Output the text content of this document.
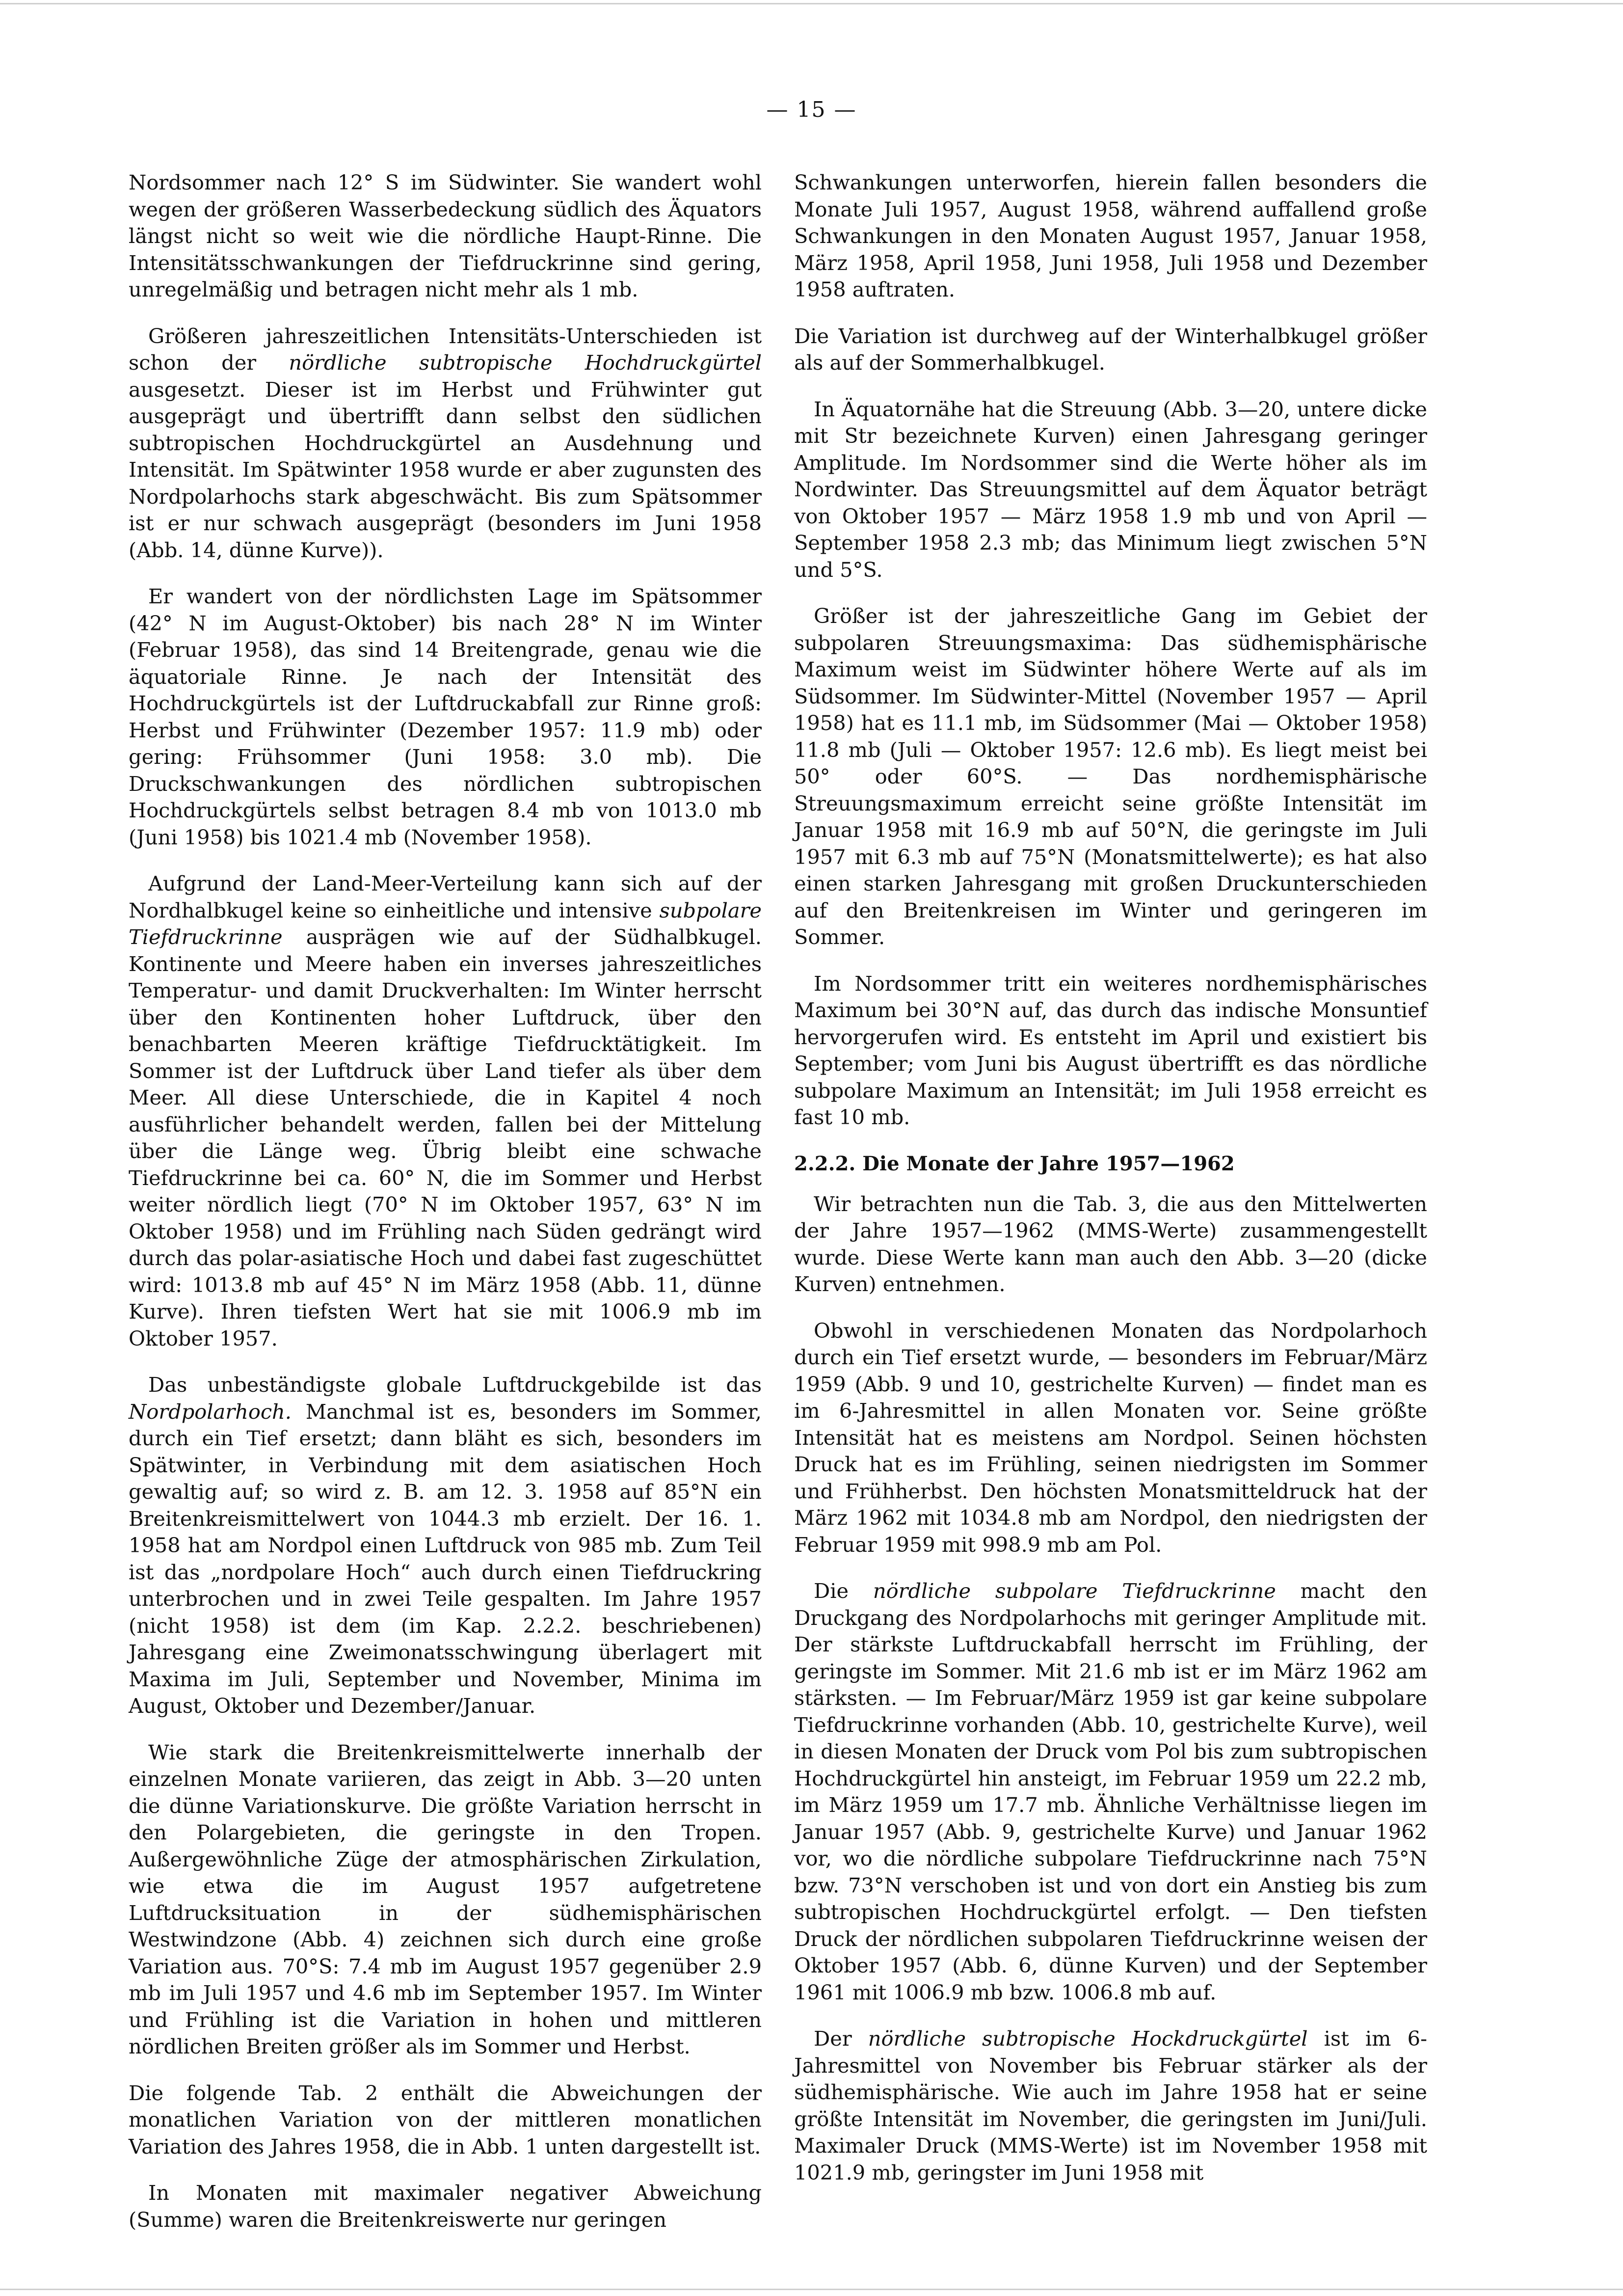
— 15 —

Nordsommer nach 12° S im Südwinter. Sie wandert wohl wegen der größeren Wasserbedeckung südlich des Äquators längst nicht so weit wie die nördliche Haupt-Rinne. Die Intensitätsschwankungen der Tiefdruckrinne sind gering, unregelmäßig und betragen nicht mehr als 1 mb.

Größeren jahreszeitlichen Intensitäts-Unterschieden ist schon der nördliche subtropische Hochdruckgürtel ausgesetzt. Dieser ist im Herbst und Frühwinter gut ausgeprägt und übertrifft dann selbst den südlichen subtropischen Hochdruckgürtel an Ausdehnung und Intensität. Im Spätwinter 1958 wurde er aber zugunsten des Nordpolarhochs stark abgeschwächt. Bis zum Spätsommer ist er nur schwach ausgeprägt (besonders im Juni 1958 (Abb. 14, dünne Kurve)).

Er wandert von der nördlichsten Lage im Spätsommer (42° N im August-Oktober) bis nach 28° N im Winter (Februar 1958), das sind 14 Breitengrade, genau wie die äquatoriale Rinne. Je nach der Intensität des Hochdruckgürtels ist der Luftdruckabfall zur Rinne groß: Herbst und Frühwinter (Dezember 1957: 11.9 mb) oder gering: Frühsommer (Juni 1958: 3.0 mb). Die Druckschwankungen des nördlichen subtropischen Hochdruckgürtels selbst betragen 8.4 mb von 1013.0 mb (Juni 1958) bis 1021.4 mb (November 1958).

Aufgrund der Land-Meer-Verteilung kann sich auf der Nordhalbkugel keine so einheitliche und intensive subpolare Tiefdruckrinne ausprägen wie auf der Südhalbkugel. Kontinente und Meere haben ein inverses jahreszeitliches Temperatur- und damit Druckverhalten: Im Winter herrscht über den Kontinenten hoher Luftdruck, über den benachbarten Meeren kräftige Tiefdrucktätigkeit. Im Sommer ist der Luftdruck über Land tiefer als über dem Meer. All diese Unterschiede, die in Kapitel 4 noch ausführlicher behandelt werden, fallen bei der Mittelung über die Länge weg. Übrig bleibt eine schwache Tiefdruckrinne bei ca. 60° N, die im Sommer und Herbst weiter nördlich liegt (70° N im Oktober 1957, 63° N im Oktober 1958) und im Frühling nach Süden gedrängt wird durch das polar-asiatische Hoch und dabei fast zugeschüttet wird: 1013.8 mb auf 45° N im März 1958 (Abb. 11, dünne Kurve). Ihren tiefsten Wert hat sie mit 1006.9 mb im Oktober 1957.

Das unbeständigste globale Luftdruckgebilde ist das Nordpolarhoch. Manchmal ist es, besonders im Sommer, durch ein Tief ersetzt; dann bläht es sich, besonders im Spätwinter, in Verbindung mit dem asiatischen Hoch gewaltig auf; so wird z. B. am 12. 3. 1958 auf 85°N ein Breitenkreismittelwert von 1044.3 mb erzielt. Der 16. 1. 1958 hat am Nordpol einen Luftdruck von 985 mb. Zum Teil ist das „nordpolare Hoch“ auch durch einen Tiefdruckring unterbrochen und in zwei Teile gespalten. Im Jahre 1957 (nicht 1958) ist dem (im Kap. 2.2.2. beschriebenen) Jahresgang eine Zweimonatsschwingung überlagert mit Maxima im Juli, September und November, Minima im August, Oktober und Dezember/Januar.

Wie stark die Breitenkreismittelwerte innerhalb der einzelnen Monate variieren, das zeigt in Abb. 3—20 unten die dünne Variationskurve. Die größte Variation herrscht in den Polargebieten, die geringste in den Tropen. Außergewöhnliche Züge der atmosphärischen Zirkulation, wie etwa die im August 1957 aufgetretene Luftdrucksituation in der südhemisphärischen Westwindzone (Abb. 4) zeichnen sich durch eine große Variation aus. 70°S: 7.4 mb im August 1957 gegenüber 2.9 mb im Juli 1957 und 4.6 mb im September 1957. Im Winter und Frühling ist die Variation in hohen und mittleren nördlichen Breiten größer als im Sommer und Herbst.

Die folgende Tab. 2 enthält die Abweichungen der monatlichen Variation von der mittleren monatlichen Variation des Jahres 1958, die in Abb. 1 unten dargestellt ist.

In Monaten mit maximaler negativer Abweichung (Summe) waren die Breitenkreiswerte nur geringen

Schwankungen unterworfen, hierein fallen besonders die Monate Juli 1957, August 1958, während auffallend große Schwankungen in den Monaten August 1957, Januar 1958, März 1958, April 1958, Juni 1958, Juli 1958 und Dezember 1958 auftraten.

Die Variation ist durchweg auf der Winterhalbkugel größer als auf der Sommerhalbkugel.

In Äquatornähe hat die Streuung (Abb. 3—20, untere dicke mit Str bezeichnete Kurven) einen Jahresgang geringer Amplitude. Im Nordsommer sind die Werte höher als im Nordwinter. Das Streuungsmittel auf dem Äquator beträgt von Oktober 1957 — März 1958 1.9 mb und von April — September 1958 2.3 mb; das Minimum liegt zwischen 5°N und 5°S.

Größer ist der jahreszeitliche Gang im Gebiet der subpolaren Streuungsmaxima: Das südhemisphärische Maximum weist im Südwinter höhere Werte auf als im Südsommer. Im Südwinter-Mittel (November 1957 — April 1958) hat es 11.1 mb, im Südsommer (Mai — Oktober 1958) 11.8 mb (Juli — Oktober 1957: 12.6 mb). Es liegt meist bei 50° oder 60°S. — Das nordhemisphärische Streuungsmaximum erreicht seine größte Intensität im Januar 1958 mit 16.9 mb auf 50°N, die geringste im Juli 1957 mit 6.3 mb auf 75°N (Monatsmittelwerte); es hat also einen starken Jahresgang mit großen Druckunterschieden auf den Breitenkreisen im Winter und geringeren im Sommer.

Im Nordsommer tritt ein weiteres nordhemisphärisches Maximum bei 30°N auf, das durch das indische Monsuntief hervorgerufen wird. Es entsteht im April und existiert bis September; vom Juni bis August übertrifft es das nördliche subpolare Maximum an Intensität; im Juli 1958 erreicht es fast 10 mb.

2.2.2. Die Monate der Jahre 1957—1962

Wir betrachten nun die Tab. 3, die aus den Mittelwerten der Jahre 1957—1962 (MMS-Werte) zusammengestellt wurde. Diese Werte kann man auch den Abb. 3—20 (dicke Kurven) entnehmen.

Obwohl in verschiedenen Monaten das Nordpolarhoch durch ein Tief ersetzt wurde, — besonders im Februar/März 1959 (Abb. 9 und 10, gestrichelte Kurven) — findet man es im 6-Jahresmittel in allen Monaten vor. Seine größte Intensität hat es meistens am Nordpol. Seinen höchsten Druck hat es im Frühling, seinen niedrigsten im Sommer und Frühherbst. Den höchsten Monatsmitteldruck hat der März 1962 mit 1034.8 mb am Nordpol, den niedrigsten der Februar 1959 mit 998.9 mb am Pol.

Die nördliche subpolare Tiefdruckrinne macht den Druckgang des Nordpolarhochs mit geringer Amplitude mit. Der stärkste Luftdruckabfall herrscht im Frühling, der geringste im Sommer. Mit 21.6 mb ist er im März 1962 am stärksten. — Im Februar/März 1959 ist gar keine subpolare Tiefdruckrinne vorhanden (Abb. 10, gestrichelte Kurve), weil in diesen Monaten der Druck vom Pol bis zum subtropischen Hochdruckgürtel hin ansteigt, im Februar 1959 um 22.2 mb, im März 1959 um 17.7 mb. Ähnliche Verhältnisse liegen im Januar 1957 (Abb. 9, gestrichelte Kurve) und Januar 1962 vor, wo die nördliche subpolare Tiefdruckrinne nach 75°N bzw. 73°N verschoben ist und von dort ein Anstieg bis zum subtropischen Hochdruckgürtel erfolgt. — Den tiefsten Druck der nördlichen subpolaren Tiefdruckrinne weisen der Oktober 1957 (Abb. 6, dünne Kurven) und der September 1961 mit 1006.9 mb bzw. 1006.8 mb auf.

Der nördliche subtropische Hockdruckgürtel ist im 6-Jahresmittel von November bis Februar stärker als der südhemisphärische. Wie auch im Jahre 1958 hat er seine größte Intensität im November, die geringsten im Juni/Juli. Maximaler Druck (MMS-Werte) ist im November 1958 mit 1021.9 mb, geringster im Juni 1958 mit
